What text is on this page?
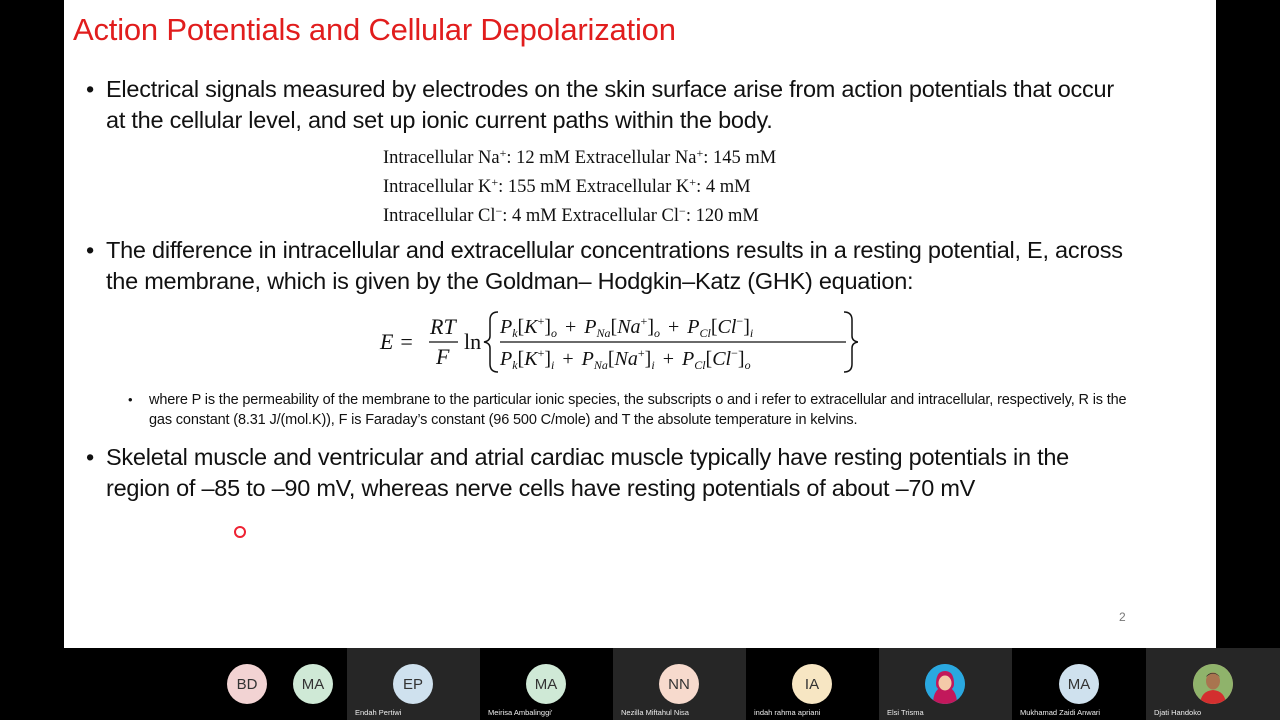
Action Potentials and Cellular Depolarization
• Electrical signals measured by electrodes on the skin surface arise from action potentials that occur at the cellular level, and set up ionic current paths within the body.
Intracellular Na+: 12 mM Extracellular Na+: 145 mM
Intracellular K+: 155 mM Extracellular K+: 4 mM
Intracellular Cl−: 4 mM Extracellular Cl−: 120 mM
• The difference in intracellular and extracellular concentrations results in a resting potential, E, across the membrane, which is given by the Goldman– Hodgkin–Katz (GHK) equation:
E =
RT
F
ln
$P_k[K^+]_o + P_{Na}[Na^+]_o + P_{Cl}[Cl^-]_i$
$P_k[K^+]_i + P_{Na}[Na^+]_i + P_{Cl}[Cl^-]_o$
• where P is the permeability of the membrane to the particular ionic species, the subscripts o and i refer to extracellular and intracellular, respectively, R is the gas constant (8.31 J/(mol.K)), F is Faraday’s constant (96 500 C/mole) and T the absolute temperature in kelvins.
• Skeletal muscle and ventricular and atrial cardiac muscle typically have resting potentials in the region of –85 to –90 mV, whereas nerve cells have resting potentials of about –70 mV
2
BD	MA	EP
Endah Pertiwi
MA
Meirisa Ambalinggi'
NN
Nezilla Miftahul Nisa
IA
indah rahma apriani	Elsi Trisma
MA
Mukhamad Zaidi Anwari	Djati Handoko
